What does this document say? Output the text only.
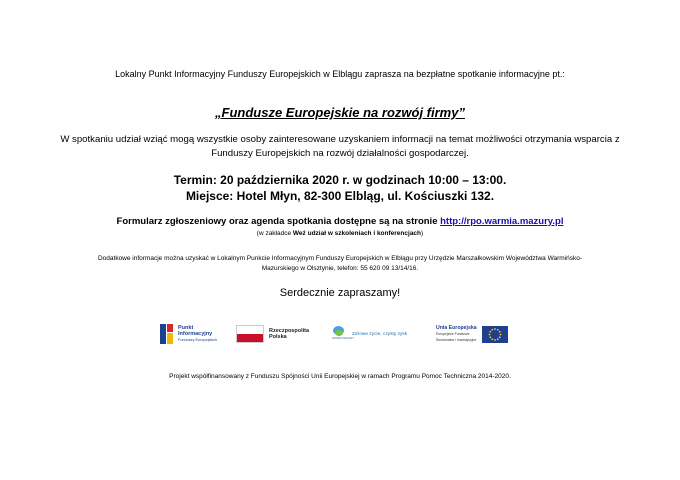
Lokalny Punkt Informacyjny Funduszy Europejskich w Elblągu zaprasza na bezpłatne spotkanie informacyjne pt.:
„Fundusze Europejskie na rozwój firmy”
W spotkaniu udział wziąć mogą wszystkie osoby zainteresowane uzyskaniem informacji na temat możliwości otrzymania wsparcia z
Funduszy Europejskich na rozwój działalności gospodarczej.
Termin: 20 października 2020 r. w godzinach 10:00 – 13:00.
Miejsce: Hotel Młyn, 82-300 Elbląg, ul. Kościuszki 132.
Formularz zgłoszeniowy oraz agenda spotkania dostępne są na stronie http://rpo.warmia.mazury.pl
(w zakładce Weź udział w szkoleniach i konferencjach)
Dodatkowe informacje można uzyskać w Lokalnym Punkcie Informacyjnym Funduszy Europejskich w Elblągu przy Urzędzie Marszałkowskim Województwa Warmińsko-
Mazurskiego w Olsztynie, telefon: 55 620 09 13/14/16.
Serdecznie zapraszamy!
Punkt
Informacyjny
Funduszy Europejskich
Rzeczpospolita
Polska	WARMIA MAZURY
Zdrowe życie, czysty zysk
Unia Europejska
Europejskie Fundusze
Strukturalne i Inwestycyjne
Projekt współfinansowany z Funduszu Spójności Unii Europejskiej w ramach Programu Pomoc Techniczna 2014-2020.
